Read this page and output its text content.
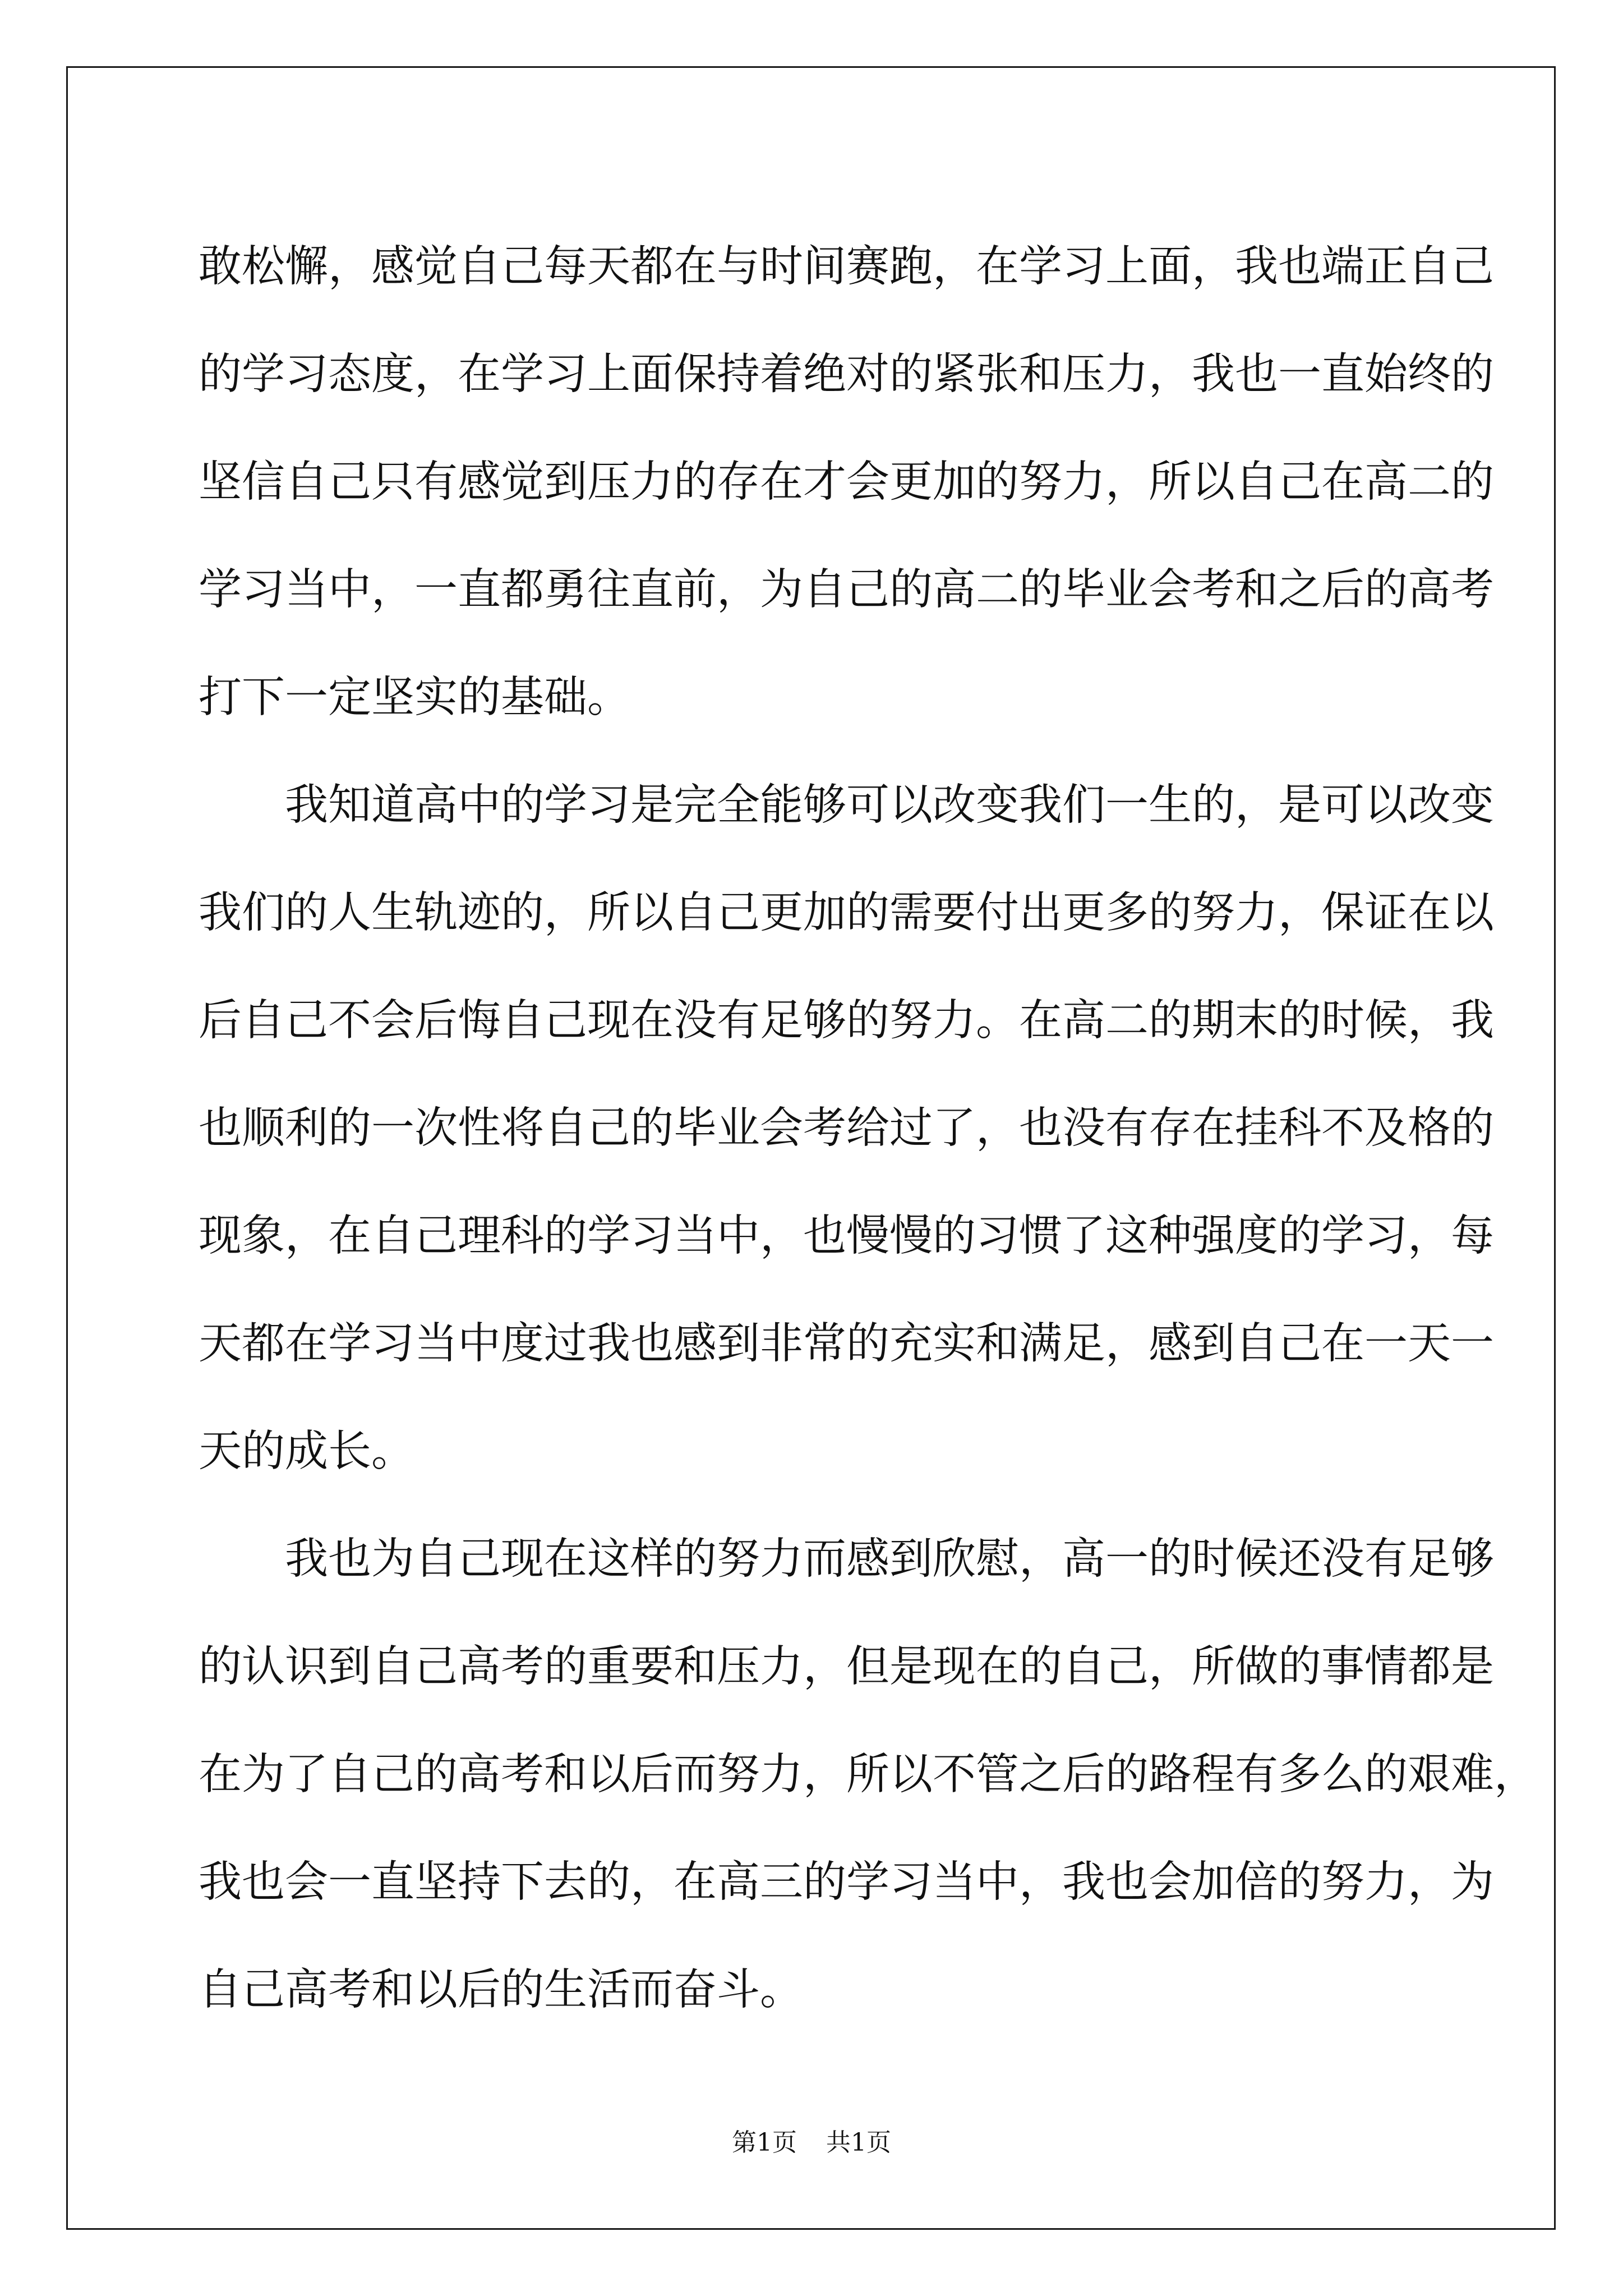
敢松懈，感觉自己每天都在与时间赛跑，在学习上面，我也端正自己
的学习态度，在学习上面保持着绝对的紧张和压力，我也一直始终的
坚信自己只有感觉到压力的存在才会更加的努力，所以自己在高二的
学习当中，一直都勇往直前，为自己的高二的毕业会考和之后的高考
打下一定坚实的基础。

　　我知道高中的学习是完全能够可以改变我们一生的，是可以改变
我们的人生轨迹的，所以自己更加的需要付出更多的努力，保证在以
后自己不会后悔自己现在没有足够的努力。在高二的期末的时候，我
也顺利的一次性将自己的毕业会考给过了，也没有存在挂科不及格的
现象，在自己理科的学习当中，也慢慢的习惯了这种强度的学习，每
天都在学习当中度过我也感到非常的充实和满足，感到自己在一天一
天的成长。

　　我也为自己现在这样的努力而感到欣慰，高一的时候还没有足够
的认识到自己高考的重要和压力，但是现在的自己，所做的事情都是
在为了自己的高考和以后而努力，所以不管之后的路程有多么的艰难，
我也会一直坚持下去的，在高三的学习当中，我也会加倍的努力，为
自己高考和以后的生活而奋斗。

第1页 共1页
